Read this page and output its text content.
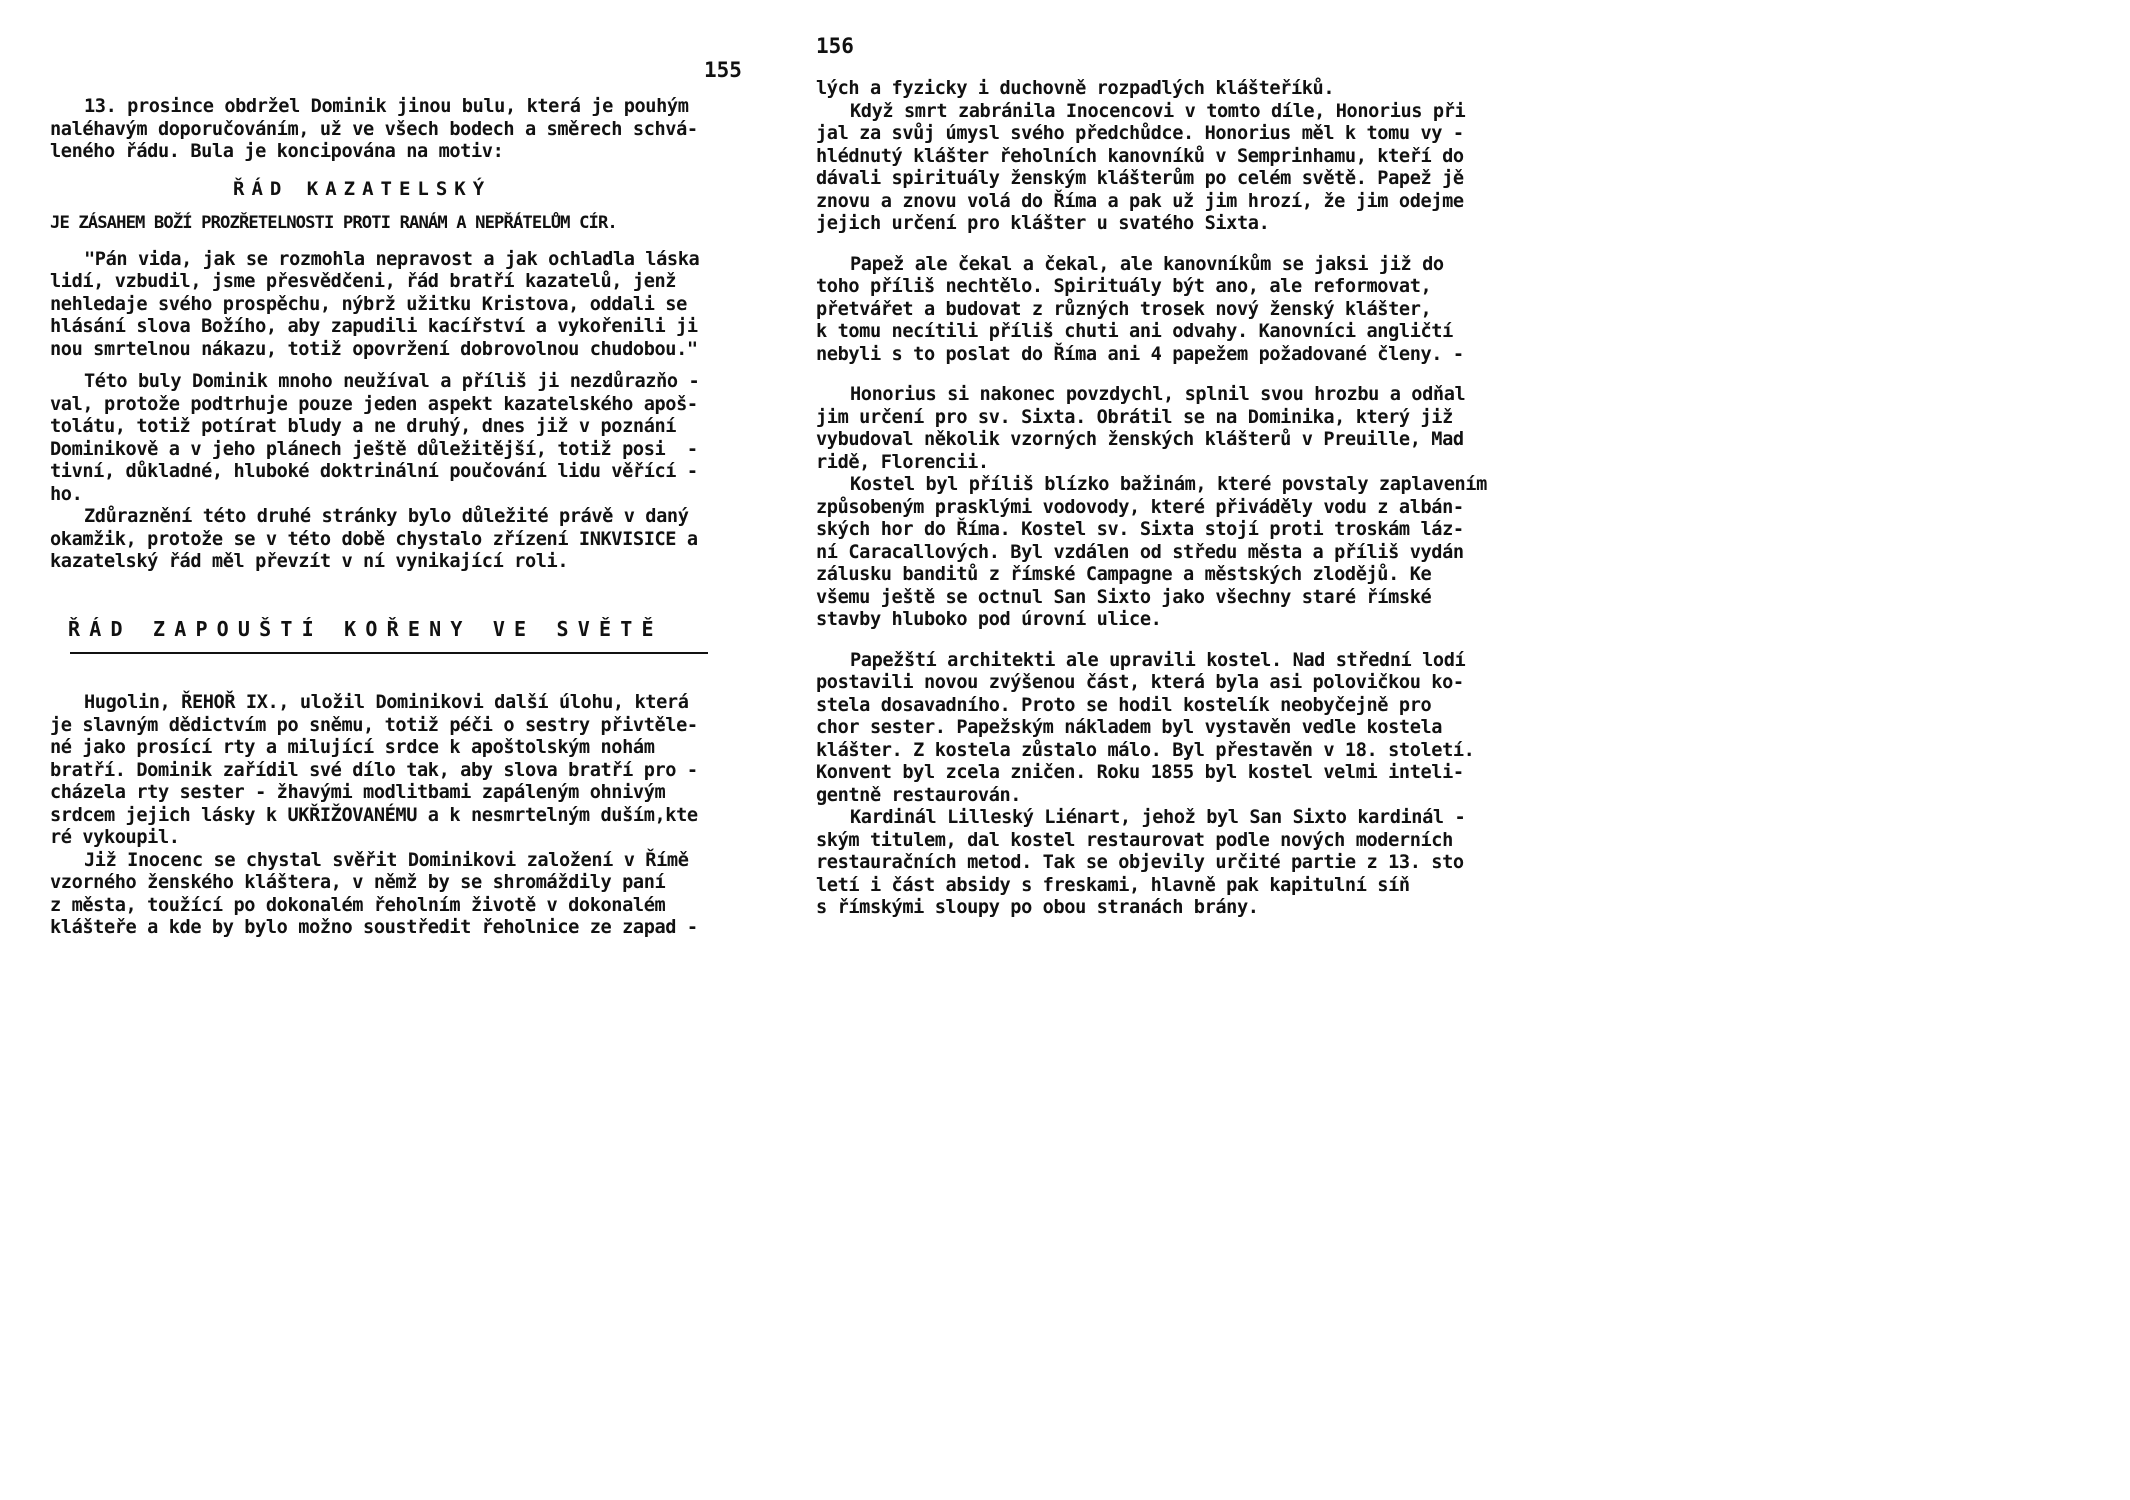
155
13. prosince obdržel Dominik jinou bulu, která je pouhým
naléhavým doporučováním, už ve všech bodech a směrech schvá-
leného řádu. Bula je koncipována na motiv:
ŘÁD KAZATELSKÝ
JE ZÁSAHEM BOŽÍ PROZŘETELNOSTI PROTI RANÁM A NEPŘÁTELŮM CÍR.
"Pán vida, jak se rozmohla nepravost a jak ochladla láska
lidí, vzbudil, jsme přesvědčeni, řád bratří kazatelů, jenž
nehledaje svého prospěchu, nýbrž užitku Kristova, oddali se
hlásání slova Božího, aby zapudili kacířství a vykořenili ji
nou smrtelnou nákazu, totiž opovržení dobrovolnou chudobou."
Této buly Dominik mnoho neužíval a příliš ji nezdůrazňo -
val, protože podtrhuje pouze jeden aspekt kazatelského apoš-
tolátu, totiž potírat bludy a ne druhý, dnes již v poznání
Dominikově a v jeho plánech ještě důležitější, totiž posi  -
tivní, důkladné, hluboké doktrinální poučování lidu věřící -
ho.
Zdůraznění této druhé stránky bylo důležité právě v daný
okamžik, protože se v této době chystalo zřízení INKVISICE a
kazatelský řád měl převzít v ní vynikající roli.
ŘÁD ZAPOUŠTÍ KOŘENY VE SVĚTĚ
Hugolin, ŘEHOŘ IX., uložil Dominikovi další úlohu, která
je slavným dědictvím po sněmu, totiž péči o sestry přivtěle-
né jako prosící rty a milující srdce k apoštolským nohám
bratří. Dominik zařídil své dílo tak, aby slova bratří pro -
cházela rty sester - žhavými modlitbami zapáleným ohnivým
srdcem jejich lásky k UKŘIŽOVANÉMU a k nesmrtelným duším,kte
ré vykoupil.
Již Inocenc se chystal svěřit Dominikovi založení v Římě
vzorného ženského kláštera, v němž by se shromáždily paní
z města, toužící po dokonalém řeholním životě v dokonalém
klášteře a kde by bylo možno soustředit řeholnice ze zapad -
156
lých a fyzicky i duchovně rozpadlých klášteříků.
Když smrt zabránila Inocencovi v tomto díle, Honorius při
jal za svůj úmysl svého předchůdce. Honorius měl k tomu vy -
hlédnutý klášter řeholních kanovníků v Semprinhamu, kteří do
dávali spirituály ženským klášterům po celém světě. Papež jě
znovu a znovu volá do Říma a pak už jim hrozí, že jim odejme
jejich určení pro klášter u svatého Sixta.
Papež ale čekal a čekal, ale kanovníkům se jaksi již do
toho příliš nechtělo. Spirituály být ano, ale reformovat,
přetvářet a budovat z různých trosek nový ženský klášter,
k tomu necítili příliš chuti ani odvahy. Kanovníci angličtí
nebyli s to poslat do Říma ani 4 papežem požadované členy. -
Honorius si nakonec povzdychl, splnil svou hrozbu a odňal
jim určení pro sv. Sixta. Obrátil se na Dominika, který již
vybudoval několik vzorných ženských klášterů v Preuille, Mad
ridě, Florencii.
Kostel byl příliš blízko bažinám, které povstaly zaplavením
způsobeným prasklými vodovody, které přiváděly vodu z albán-
ských hor do Říma. Kostel sv. Sixta stojí proti troskám láz-
ní Caracallových. Byl vzdálen od středu města a příliš vydán
zálusku banditů z římské Campagne a městských zlodějů. Ke
všemu ještě se octnul San Sixto jako všechny staré římské
stavby hluboko pod úrovní ulice.
Papežští architekti ale upravili kostel. Nad střední lodí
postavili novou zvýšenou část, která byla asi polovičkou ko-
stela dosavadního. Proto se hodil kostelík neobyčejně pro
chor sester. Papežským nákladem byl vystavěn vedle kostela
klášter. Z kostela zůstalo málo. Byl přestavěn v 18. století.
Konvent byl zcela zničen. Roku 1855 byl kostel velmi inteli-
gentně restaurován.
Kardinál Lilleský Liénart, jehož byl San Sixto kardinál -
ským titulem, dal kostel restaurovat podle nových moderních
restauračních metod. Tak se objevily určité partie z 13. sto
letí i část absidy s freskami, hlavně pak kapitulní síň
s římskými sloupy po obou stranách brány.
